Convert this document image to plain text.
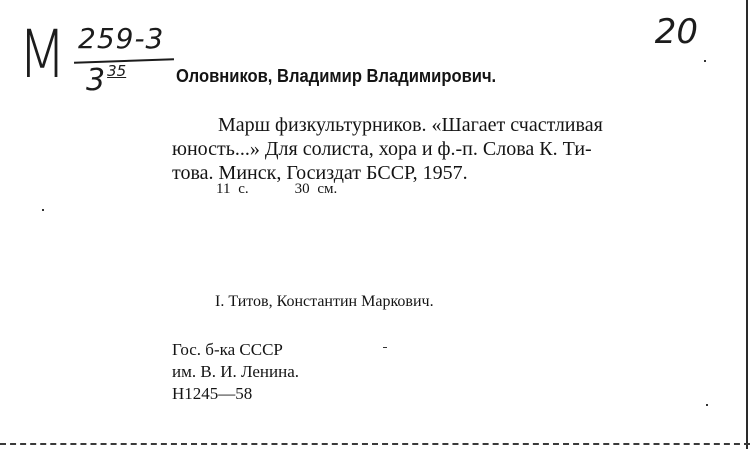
М 259-3
3 $^{35}$
20
Оловников, Владимир Владимирович.
Марш физкультурников. «Шагает счастливая
юность...» Для солиста, хора и ф.-п. Слова К. Ти-
това. Минск, Госиздат БССР, 1957.
11 с.	30 см.
I. Титов, Константин Маркович.
Гос. б-ка СССР
им. В. И. Ленина.
Н1245—58
